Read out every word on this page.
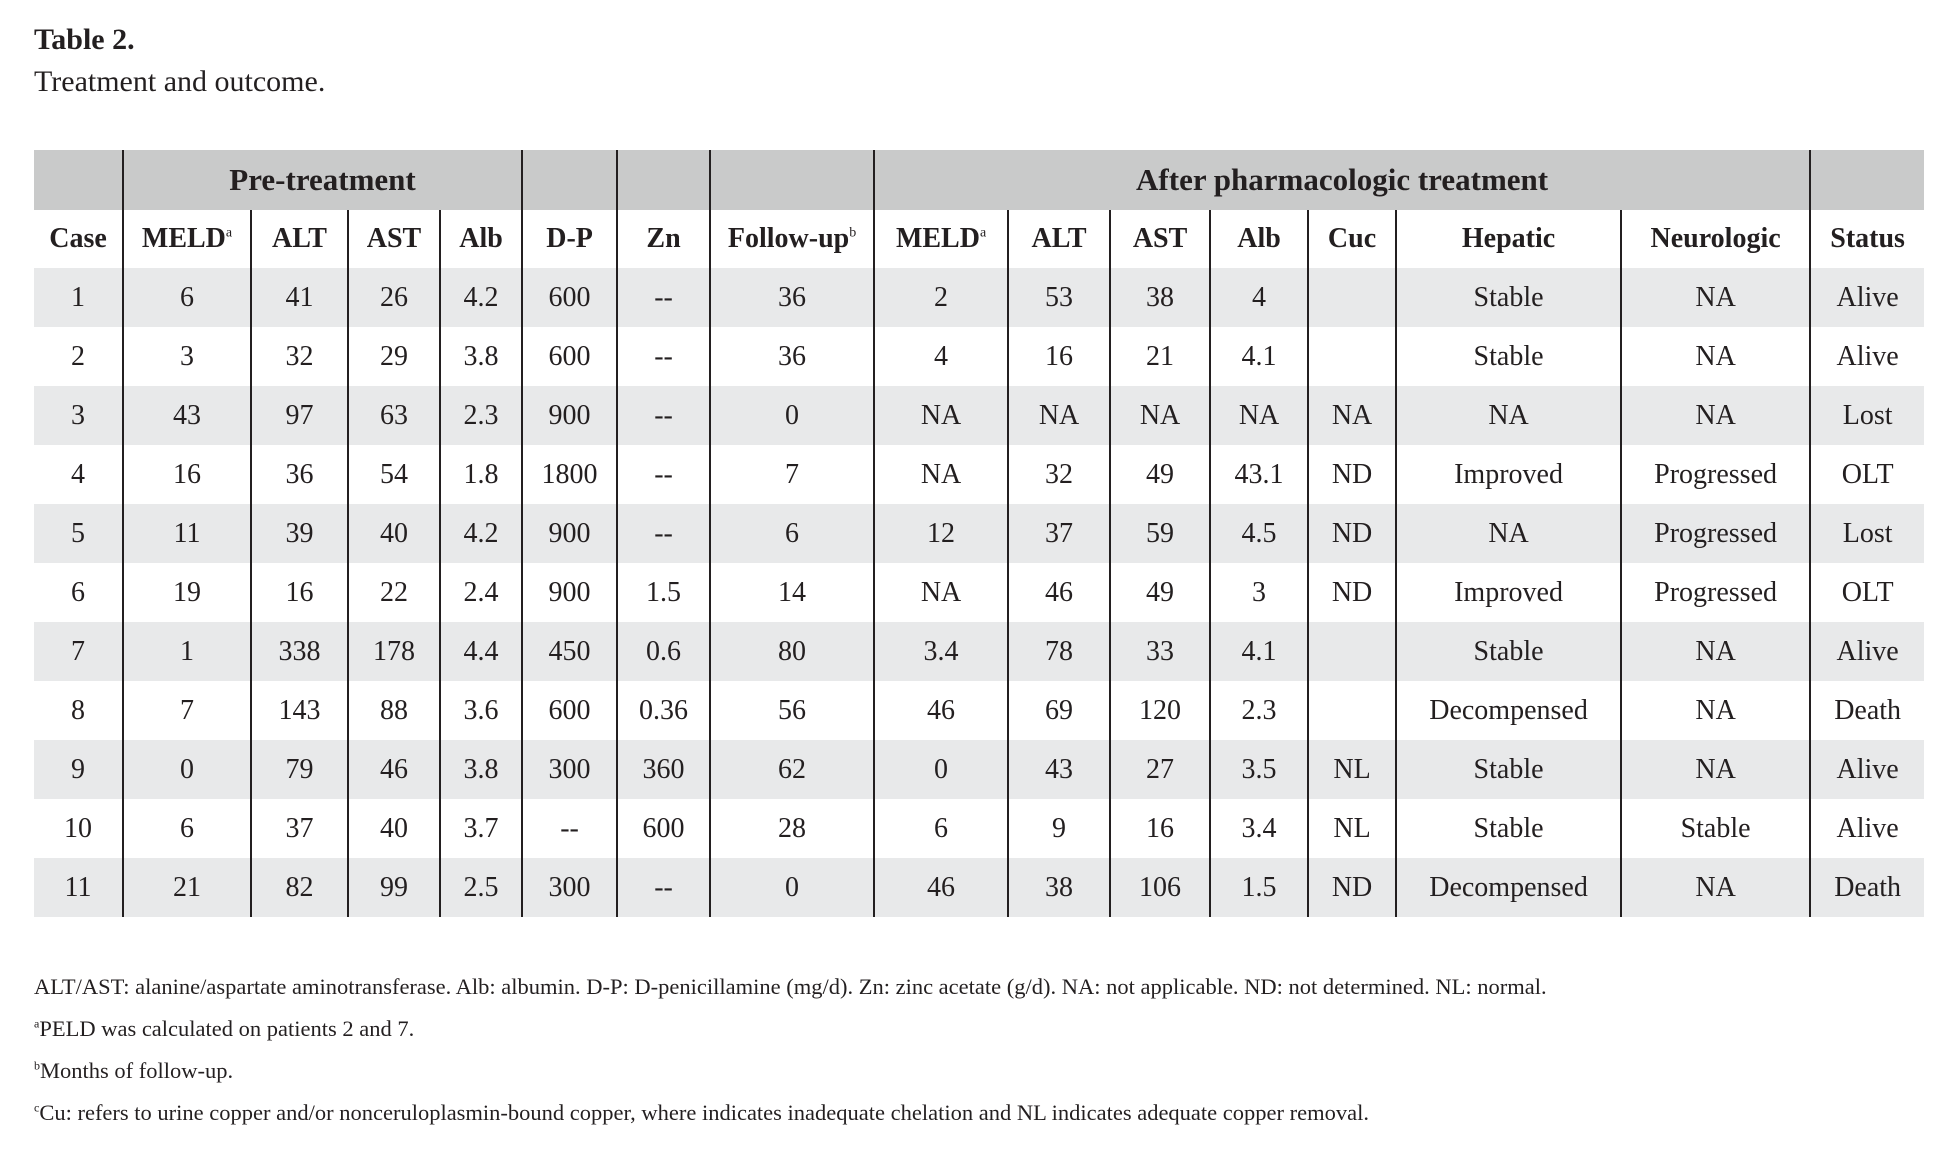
Table 2.

Treatment and outcome.

	Pre-treatment							After pharmacologic treatment							
Case	MELD$^a$	ALT	AST	Alb	D-P	Zn	Follow-up$^b$	MELD$^a$	ALT	AST	Alb	Cuc	Hepatic	Neurologic	Status
1	6	41	26	4.2	600	--	36	2	53	38	4		Stable	NA	Alive
2	3	32	29	3.8	600	--	36	4	16	21	4.1		Stable	NA	Alive
3	43	97	63	2.3	900	--	0	NA	NA	NA	NA	NA	NA	NA	Lost
4	16	36	54	1.8	1800	--	7	NA	32	49	43.1	ND	Improved	Progressed	OLT
5	11	39	40	4.2	900	--	6	12	37	59	4.5	ND	NA	Progressed	Lost
6	19	16	22	2.4	900	1.5	14	NA	46	49	3	ND	Improved	Progressed	OLT
7	1	338	178	4.4	450	0.6	80	3.4	78	33	4.1		Stable	NA	Alive
8	7	143	88	3.6	600	0.36	56	46	69	120	2.3		Decompensed	NA	Death
9	0	79	46	3.8	300	360	62	0	43	27	3.5	NL	Stable	NA	Alive
10	6	37	40	3.7	--	600	28	6	9	16	3.4	NL	Stable	Stable	Alive
11	21	82	99	2.5	300	--	0	46	38	106	1.5	ND	Decompensed	NA	Death
ALT/AST: alanine/aspartate aminotransferase. Alb: albumin. D-P: D-penicillamine (mg/d). Zn: zinc acetate (g/d). NA: not applicable. ND: not determined. NL: normal.
$^a$PELD was calculated on patients 2 and 7.
$^b$Months of follow-up.
$^c$Cu: refers to urine copper and/or nonceruloplasmin-bound copper, where indicates inadequate chelation and NL indicates adequate copper removal.
